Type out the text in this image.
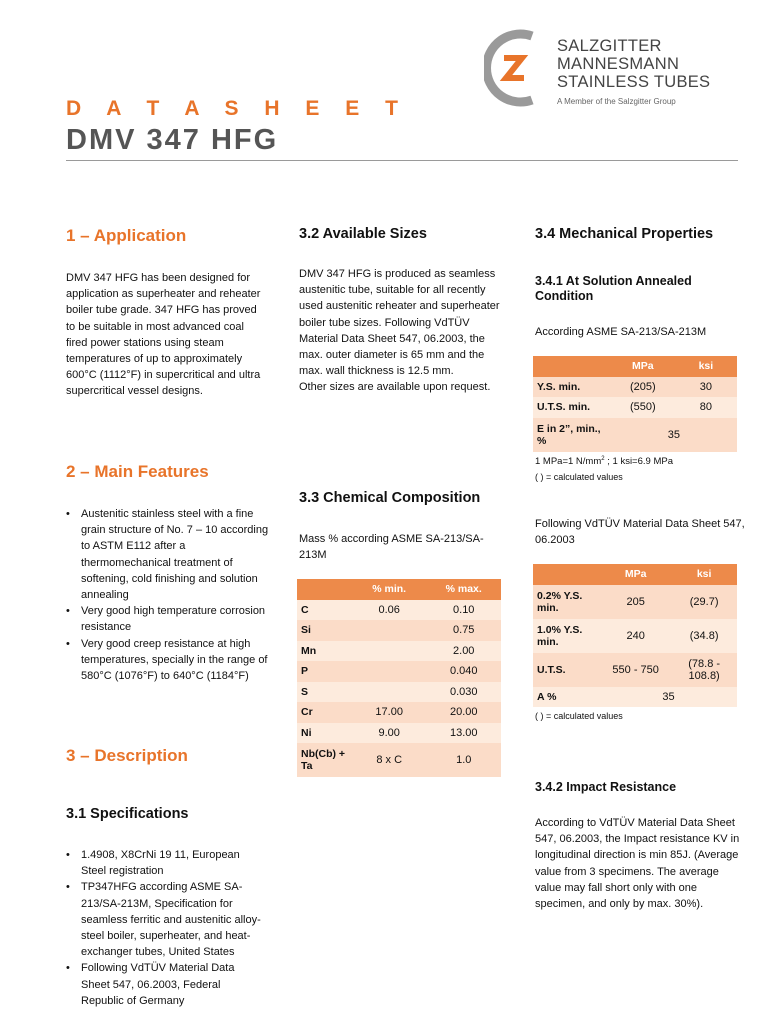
SALZGITTER
MANNESMANN
STAINLESS TUBES
A Member of the Salzgitter Group
D A T A S H E E T
DMV 347 HFG
1 – Application
DMV 347 HFG has been designed for application as superheater and reheater boiler tube grade. 347 HFG has proved to be suitable in most advanced coal fired power stations using steam temperatures of up to approximately 600°C (1112°F) in supercritical and ultra supercritical vessel designs.
2 – Main Features
• Austenitic stainless steel with a fine grain structure of No. 7 – 10 according to ASTM E112 after a thermomechanical treatment of softening, cold finishing and solution annealing
• Very good high temperature corrosion resistance
• Very good creep resistance at high temperatures, specially in the range of 580°C (1076°F) to 640°C (1184°F)
3 – Description
3.1 Specifications
• 1.4908, X8CrNi 19 11, European Steel registration
• TP347HFG according ASME SA-213/SA-213M, Specification for seamless ferritic and austenitic alloy-steel boiler, superheater, and heat-exchanger tubes, United States
• Following VdTÜV Material Data Sheet 547, 06.2003, Federal Republic of Germany
3.2 Available Sizes
DMV 347 HFG is produced as seamless austenitic tube, suitable for all recently used austenitic reheater and superheater boiler tube sizes. Following VdTÜV Material Data Sheet 547, 06.2003, the max. outer diameter is 65 mm and the max. wall thickness is 12.5 mm.
Other sizes are available upon request.
3.3 Chemical Composition
Mass % according ASME SA-213/SA-213M
	% min.	% max.
C	0.06	0.10
Si		0.75
Mn		2.00
P		0.040
S		0.030
Cr	17.00	20.00
Ni	9.00	13.00
Nb(Cb) + Ta	8 x C	1.0
3.4 Mechanical Properties
3.4.1 At Solution Annealed Condition
According ASME SA-213/SA-213M
	MPa	ksi
Y.S. min.	(205)	30
U.T.S. min.	(550)	80
E in 2”, min., %	35	
1 MPa=1 $N/mm^2$ ; 1 ksi=6.9 MPa
( ) = calculated values
Following VdTÜV Material Data Sheet 547, 06.2003
	MPa	ksi
0.2% Y.S. min.	205	(29.7)
1.0% Y.S. min.	240	(34.8)
U.T.S.	550 - 750	(78.8 - 108.8)
A %	35	
( ) = calculated values
3.4.2 Impact Resistance
According to VdTÜV Material Data Sheet 547, 06.2003, the Impact resistance KV in longitudinal direction is min 85J. (Average value from 3 specimens. The average value may fall short only with one specimen, and only by max. 30%).
